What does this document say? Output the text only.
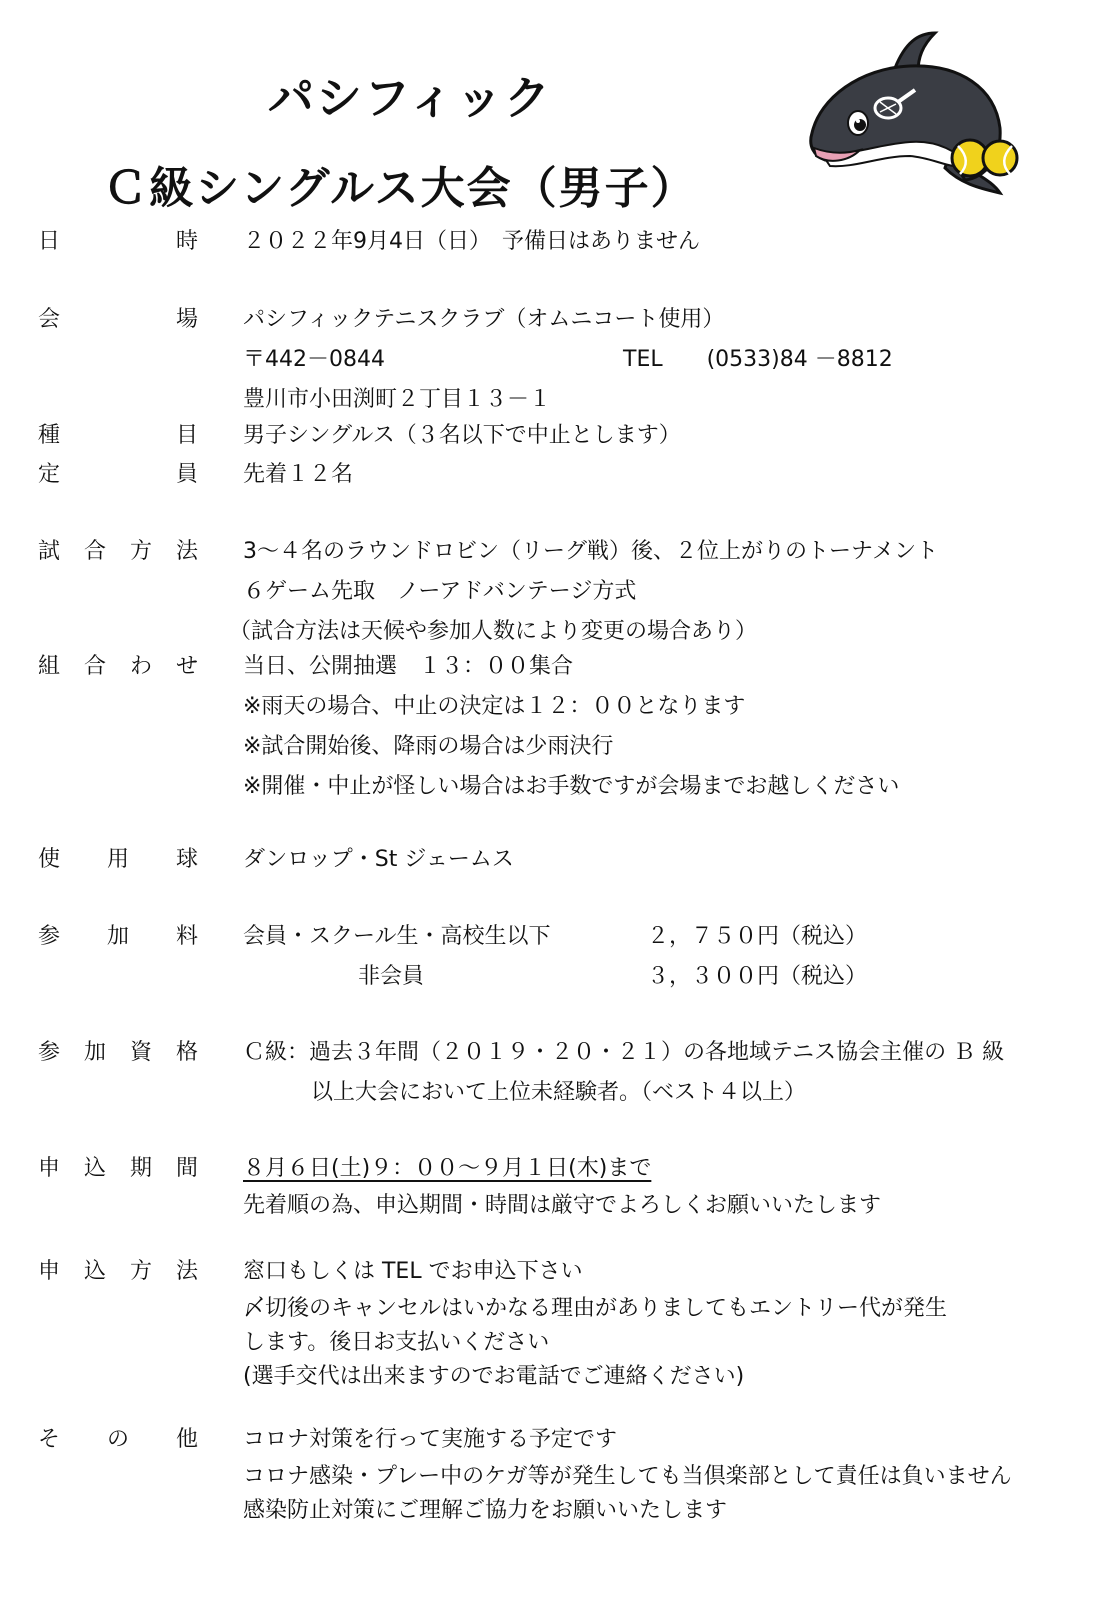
パシフィック
Ｃ級シングルス大会（男子）
日	時 ２０２２年9月4日（日）　予備日はありません
会	場 パシフィックテニスクラブ（オムニコート使用）
〒442－0844	TEL　　(0533)84 －8812
豊川市小田渕町２丁目１３－１
種	目 男子シングルス（３名以下で中止とします）
定	員 先着１２名
試 合 方 法 3～４名のラウンドロビン（リーグ戦）後、２位上がりのトーナメント
６ゲーム先取　ノーアドバンテージ方式
（試合方法は天候や参加人数により変更の場合あり）
組 合 わ せ 当日、公開抽選　１３：００集合
※雨天の場合、中止の決定は１２：００となります
※試合開始後、降雨の場合は少雨決行
※開催・中止が怪しい場合はお手数ですが会場までお越しください
使 用 球 ダンロップ・St ジェームス
参 加 料 会員・スクール生・高校生以下	２，７５０円（税込）
非会員	３，３００円（税込）
参 加 資 格 Ｃ級：過去３年間（２０１９・２０・２１）の各地域テニス協会主催の Ｂ 級
以上大会において上位未経験者。（ベスト４以上）
申 込 期 間 ８月６日(土)９：００～９月１日(木)まで
先着順の為、申込期間・時間は厳守でよろしくお願いいたします
申 込 方 法 窓口もしくは TEL でお申込下さい
〆切後のキャンセルはいかなる理由がありましてもエントリー代が発生
します。後日お支払いください
(選手交代は出来ますのでお電話でご連絡ください)
そ の 他 コロナ対策を行って実施する予定です
コロナ感染・プレー中のケガ等が発生しても当倶楽部として責任は負いません
感染防止対策にご理解ご協力をお願いいたします
